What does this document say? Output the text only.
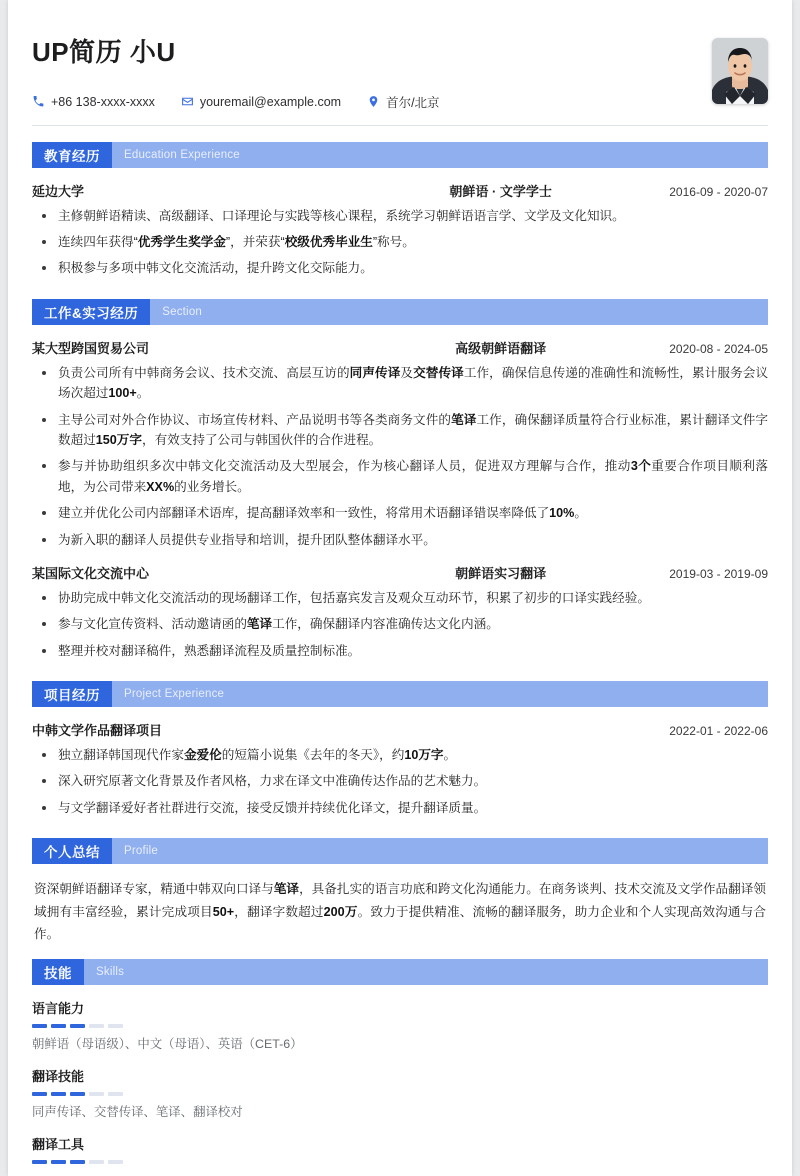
UP简历 小U
+86 138-xxxx-xxxx	youremail@example.com	首尔/北京
教育经历	Education Experience
延边大学	朝鲜语 · 文学学士	2016-09 - 2020-07
主修朝鲜语精读、高级翻译、口译理论与实践等核心课程，系统学习朝鲜语语言学、文学及文化知识。
连续四年获得“优秀学生奖学金”，并荣获“校级优秀毕业生”称号。
积极参与多项中韩文化交流活动，提升跨文化交际能力。
工作&实习经历	Section
某大型跨国贸易公司	高级朝鲜语翻译	2020-08 - 2024-05
负责公司所有中韩商务会议、技术交流、高层互访的同声传译及交替传译工作，确保信息传递的准确性和流畅性，累计服务会议场次超过100+。
主导公司对外合作协议、市场宣传材料、产品说明书等各类商务文件的笔译工作，确保翻译质量符合行业标准，累计翻译文件字数超过150万字，有效支持了公司与韩国伙伴的合作进程。
参与并协助组织多次中韩文化交流活动及大型展会，作为核心翻译人员，促进双方理解与合作，推动3个重要合作项目顺利落地，为公司带来XX%的业务增长。
建立并优化公司内部翻译术语库，提高翻译效率和一致性，将常用术语翻译错误率降低了10%。
为新入职的翻译人员提供专业指导和培训，提升团队整体翻译水平。
某国际文化交流中心	朝鲜语实习翻译	2019-03 - 2019-09
协助完成中韩文化交流活动的现场翻译工作，包括嘉宾发言及观众互动环节，积累了初步的口译实践经验。
参与文化宣传资料、活动邀请函的笔译工作，确保翻译内容准确传达文化内涵。
整理并校对翻译稿件，熟悉翻译流程及质量控制标准。
项目经历	Project Experience
中韩文学作品翻译项目	2022-01 - 2022-06
独立翻译韩国现代作家金爱伦的短篇小说集《去年的冬天》，约10万字。
深入研究原著文化背景及作者风格，力求在译文中准确传达作品的艺术魅力。
与文学翻译爱好者社群进行交流，接受反馈并持续优化译文，提升翻译质量。
个人总结	Profile
资深朝鲜语翻译专家，精通中韩双向口译与笔译，具备扎实的语言功底和跨文化沟通能力。在商务谈判、技术交流及文学作品翻译领域拥有丰富经验，累计完成项目50+，翻译字数超过200万。致力于提供精准、流畅的翻译服务，助力企业和个人实现高效沟通与合作。
技能	Skills
语言能力
朝鲜语（母语级）、中文（母语）、英语（CET-6）
翻译技能
同声传译、交替传译、笔译、翻译校对
翻译工具
